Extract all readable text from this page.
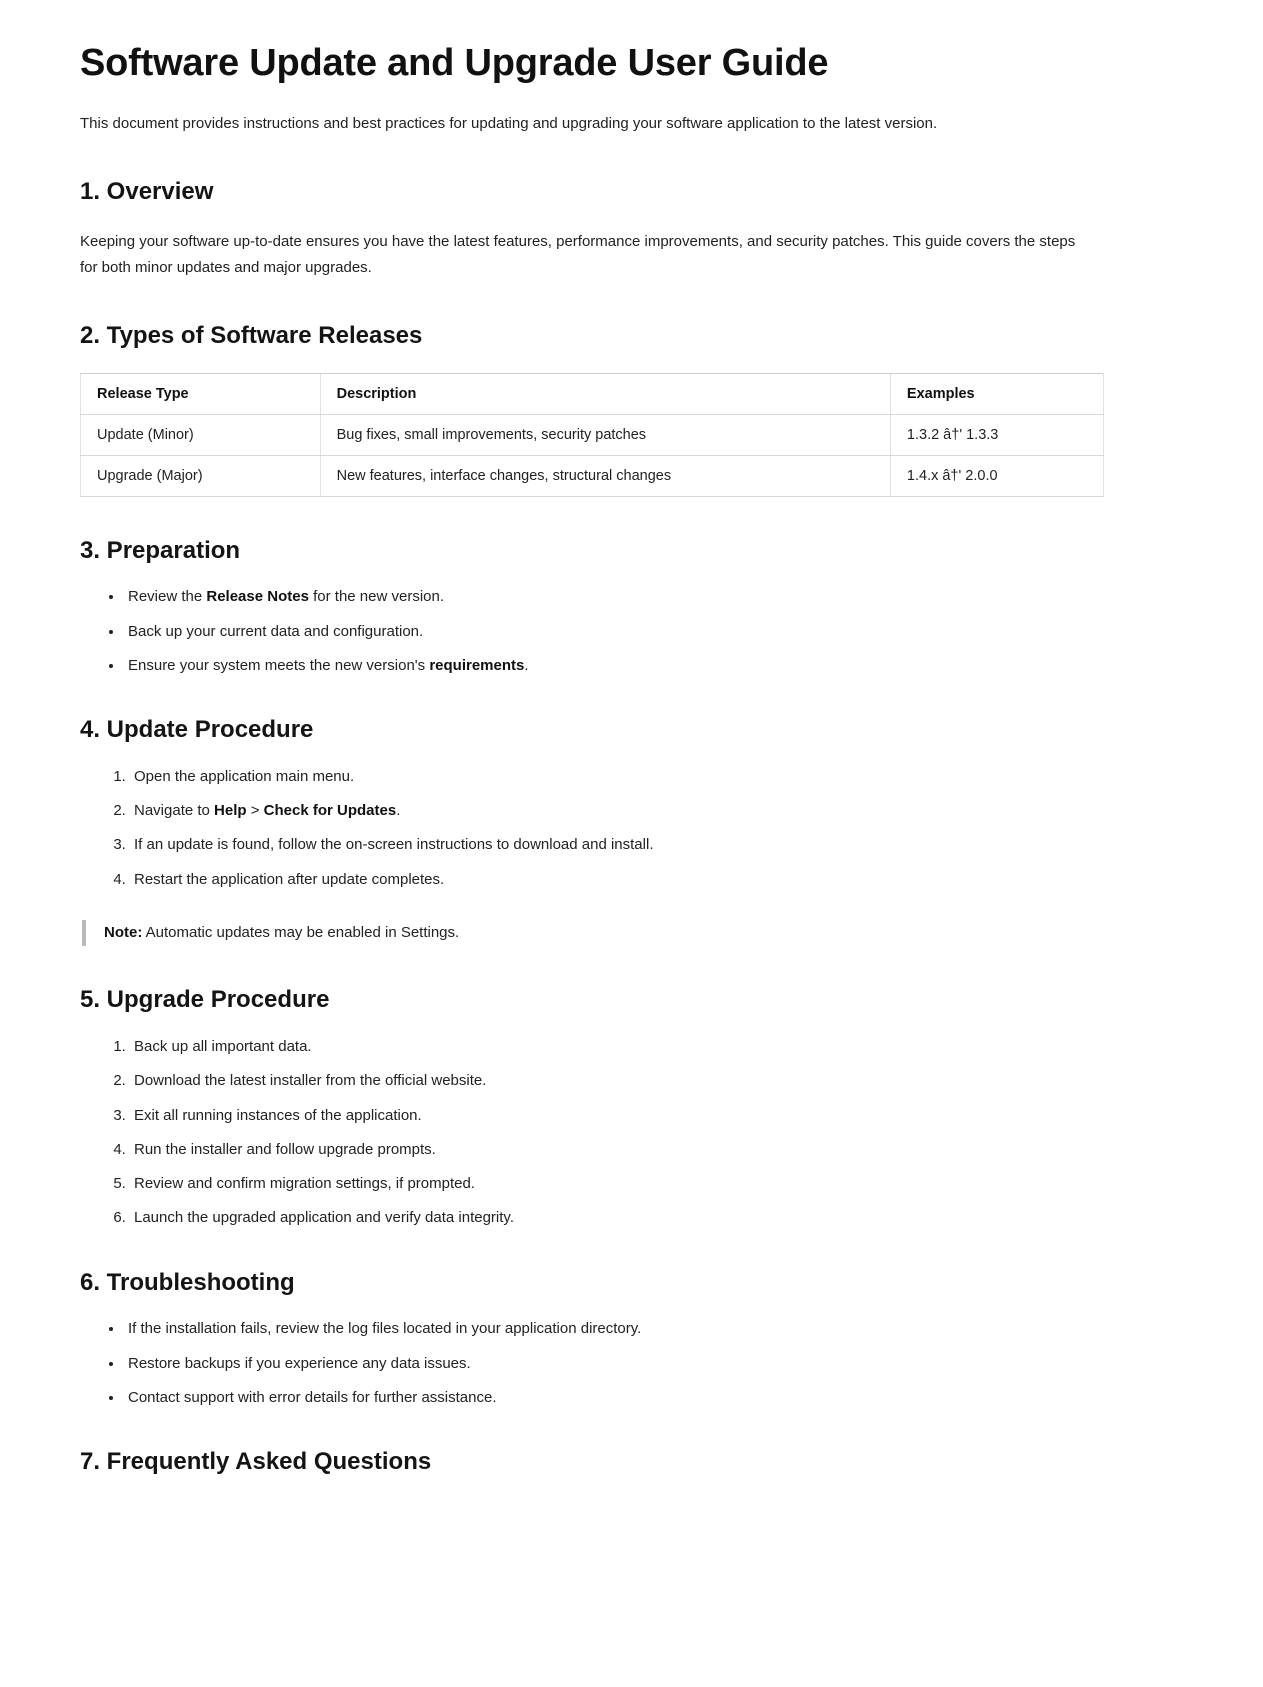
Software Update and Upgrade User Guide

This document provides instructions and best practices for updating and upgrading your software application to the latest version.

1. Overview

Keeping your software up-to-date ensures you have the latest features, performance improvements, and security patches. This guide covers the steps for both minor updates and major upgrades.

2. Types of Software Releases
Release Type	Description	Examples
Update (Minor)	Bug fixes, small improvements, security patches	1.3.2 â†' 1.3.3
Upgrade (Major)	New features, interface changes, structural changes	1.4.x â†' 2.0.0
3. Preparation
• Review the Release Notes for the new version.
• Back up your current data and configuration.
• Ensure your system meets the new version's requirements.
4. Update Procedure
1. Open the application main menu.
2. Navigate to Help > Check for Updates.
3. If an update is found, follow the on-screen instructions to download and install.
4. Restart the application after update completes.
Note: Automatic updates may be enabled in Settings.
5. Upgrade Procedure
1. Back up all important data.
2. Download the latest installer from the official website.
3. Exit all running instances of the application.
4. Run the installer and follow upgrade prompts.
5. Review and confirm migration settings, if prompted.
6. Launch the upgraded application and verify data integrity.
6. Troubleshooting
• If the installation fails, review the log files located in your application directory.
• Restore backups if you experience any data issues.
• Contact support with error details for further assistance.
7. Frequently Asked Questions
